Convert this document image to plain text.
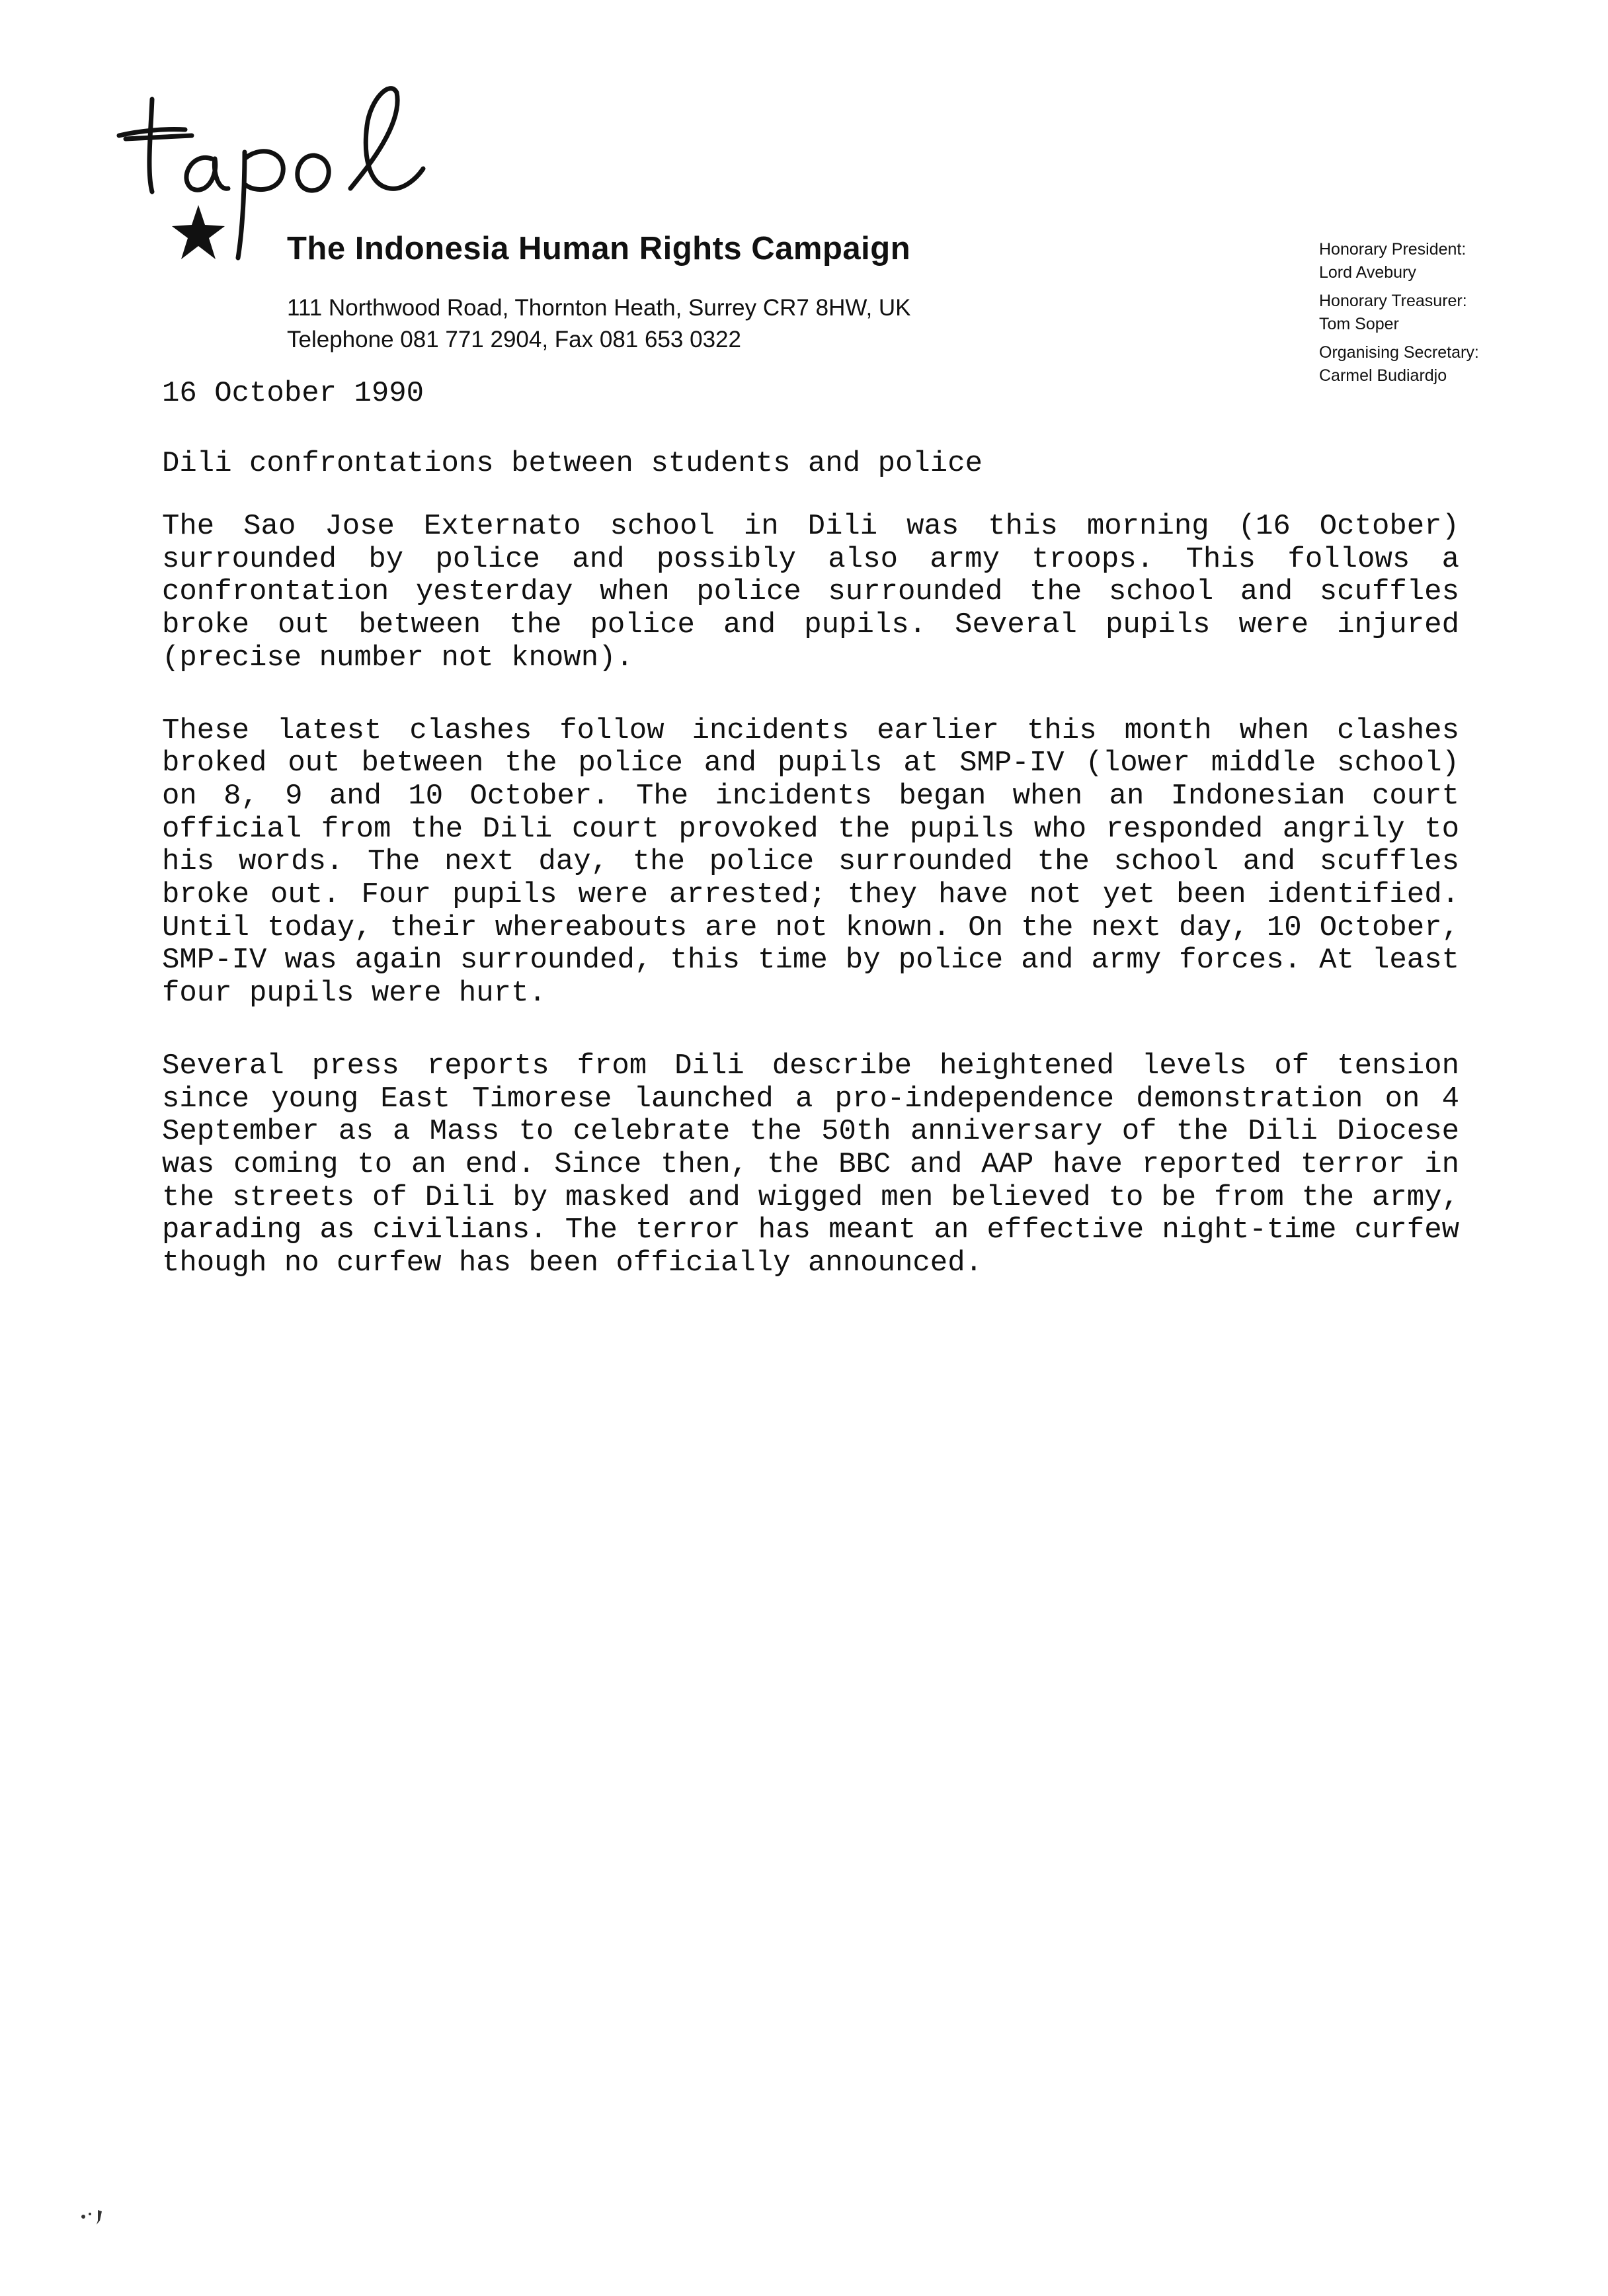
tapol
The Indonesia Human Rights Campaign
111 Northwood Road, Thornton Heath, Surrey CR7 8HW, UK
Telephone 081 771 2904, Fax 081 653 0322
Honorary President:
Lord Avebury
Honorary Treasurer:
Tom Soper
Organising Secretary:
Carmel Budiardjo
16 October 1990
Dili confrontations between students and police

The Sao Jose Externato school in Dili was this morning (16 October) surrounded by police and possibly also army troops. This follows a confrontation yesterday when police surrounded the school and scuffles broke out between the police and pupils. Several pupils were injured (precise number not known).

These latest clashes follow incidents earlier this month when clashes broked out between the police and pupils at SMP-IV (lower middle school) on 8, 9 and 10 October. The incidents began when an Indonesian court official from the Dili court provoked the pupils who responded angrily to his words. The next day, the police surrounded the school and scuffles broke out. Four pupils were arrested; they have not yet been identified. Until today, their whereabouts are not known. On the next day, 10 October, SMP-IV was again surrounded, this time by police and army forces. At least four pupils were hurt.

Several press reports from Dili describe heightened levels of tension since young East Timorese launched a pro-independence demonstration on 4 September as a Mass to celebrate the 50th anniversary of the Dili Diocese was coming to an end. Since then, the BBC and AAP have reported terror in the streets of Dili by masked and wigged men believed to be from the army, parading as civilians. The terror has meant an effective night-time curfew though no curfew has been officially announced.
